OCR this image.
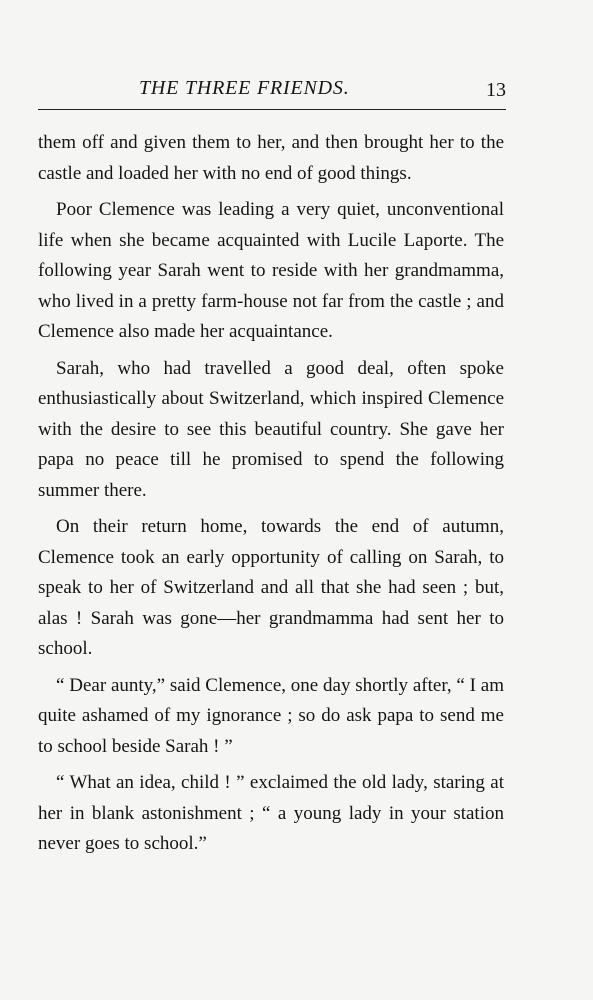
THE THREE FRIENDS.	13

them off and given them to her, and then brought her to the castle and loaded her with no end of good things.

Poor Clemence was leading a very quiet, unconventional life when she became acquainted with Lucile Laporte. The following year Sarah went to reside with her grandmamma, who lived in a pretty farm-house not far from the castle ; and Clemence also made her acquaintance.

Sarah, who had travelled a good deal, often spoke enthusiastically about Switzerland, which inspired Clemence with the desire to see this beautiful country. She gave her papa no peace till he promised to spend the following summer there.

On their return home, towards the end of autumn, Clemence took an early opportunity of calling on Sarah, to speak to her of Switzerland and all that she had seen ; but, alas ! Sarah was gone—her grandmamma had sent her to school.

“ Dear aunty,” said Clemence, one day shortly after, “ I am quite ashamed of my ignorance ; so do ask papa to send me to school beside Sarah ! ”

“ What an idea, child ! ” exclaimed the old lady, staring at her in blank astonishment ; “ a young lady in your station never goes to school.”
